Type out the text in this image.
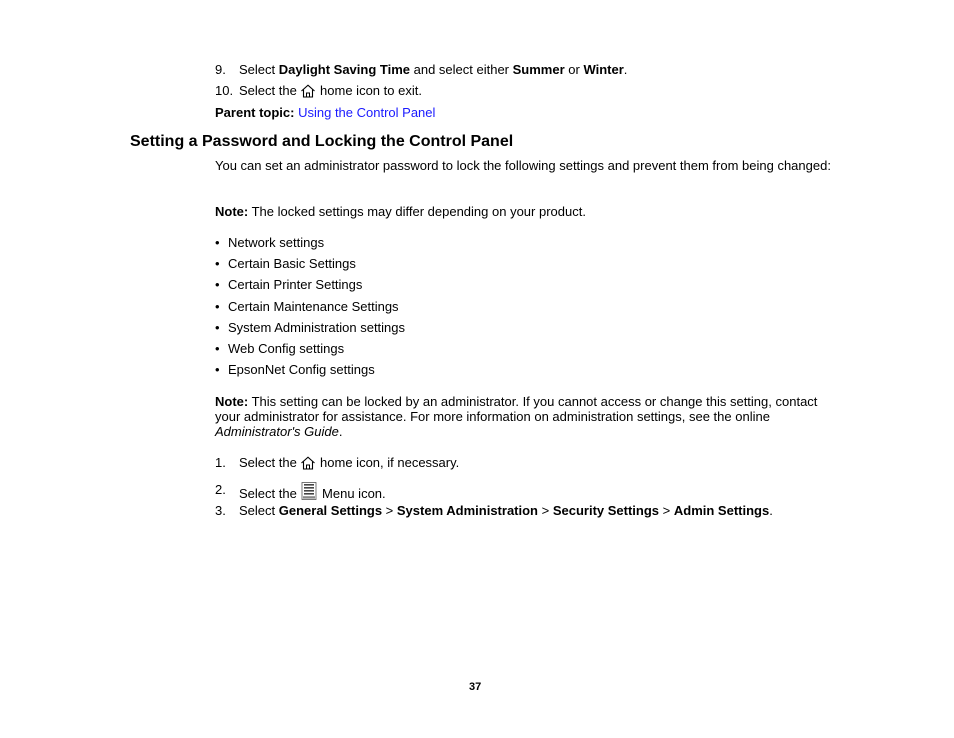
9. Select Daylight Saving Time and select either Summer or Winter.
10. Select the  home icon to exit.
Parent topic: Using the Control Panel
Setting a Password and Locking the Control Panel
You can set an administrator password to lock the following settings and prevent them from being changed:
Note: The locked settings may differ depending on your product.
• Network settings
• Certain Basic Settings
• Certain Printer Settings
• Certain Maintenance Settings
• System Administration settings
• Web Config settings
• EpsonNet Config settings
Note: This setting can be locked by an administrator. If you cannot access or change this setting, contact your administrator for assistance. For more information on administration settings, see the online Administrator's Guide.
1. Select the  home icon, if necessary.
2. Select the  Menu icon.
3. Select General Settings > System Administration > Security Settings > Admin Settings.
37
